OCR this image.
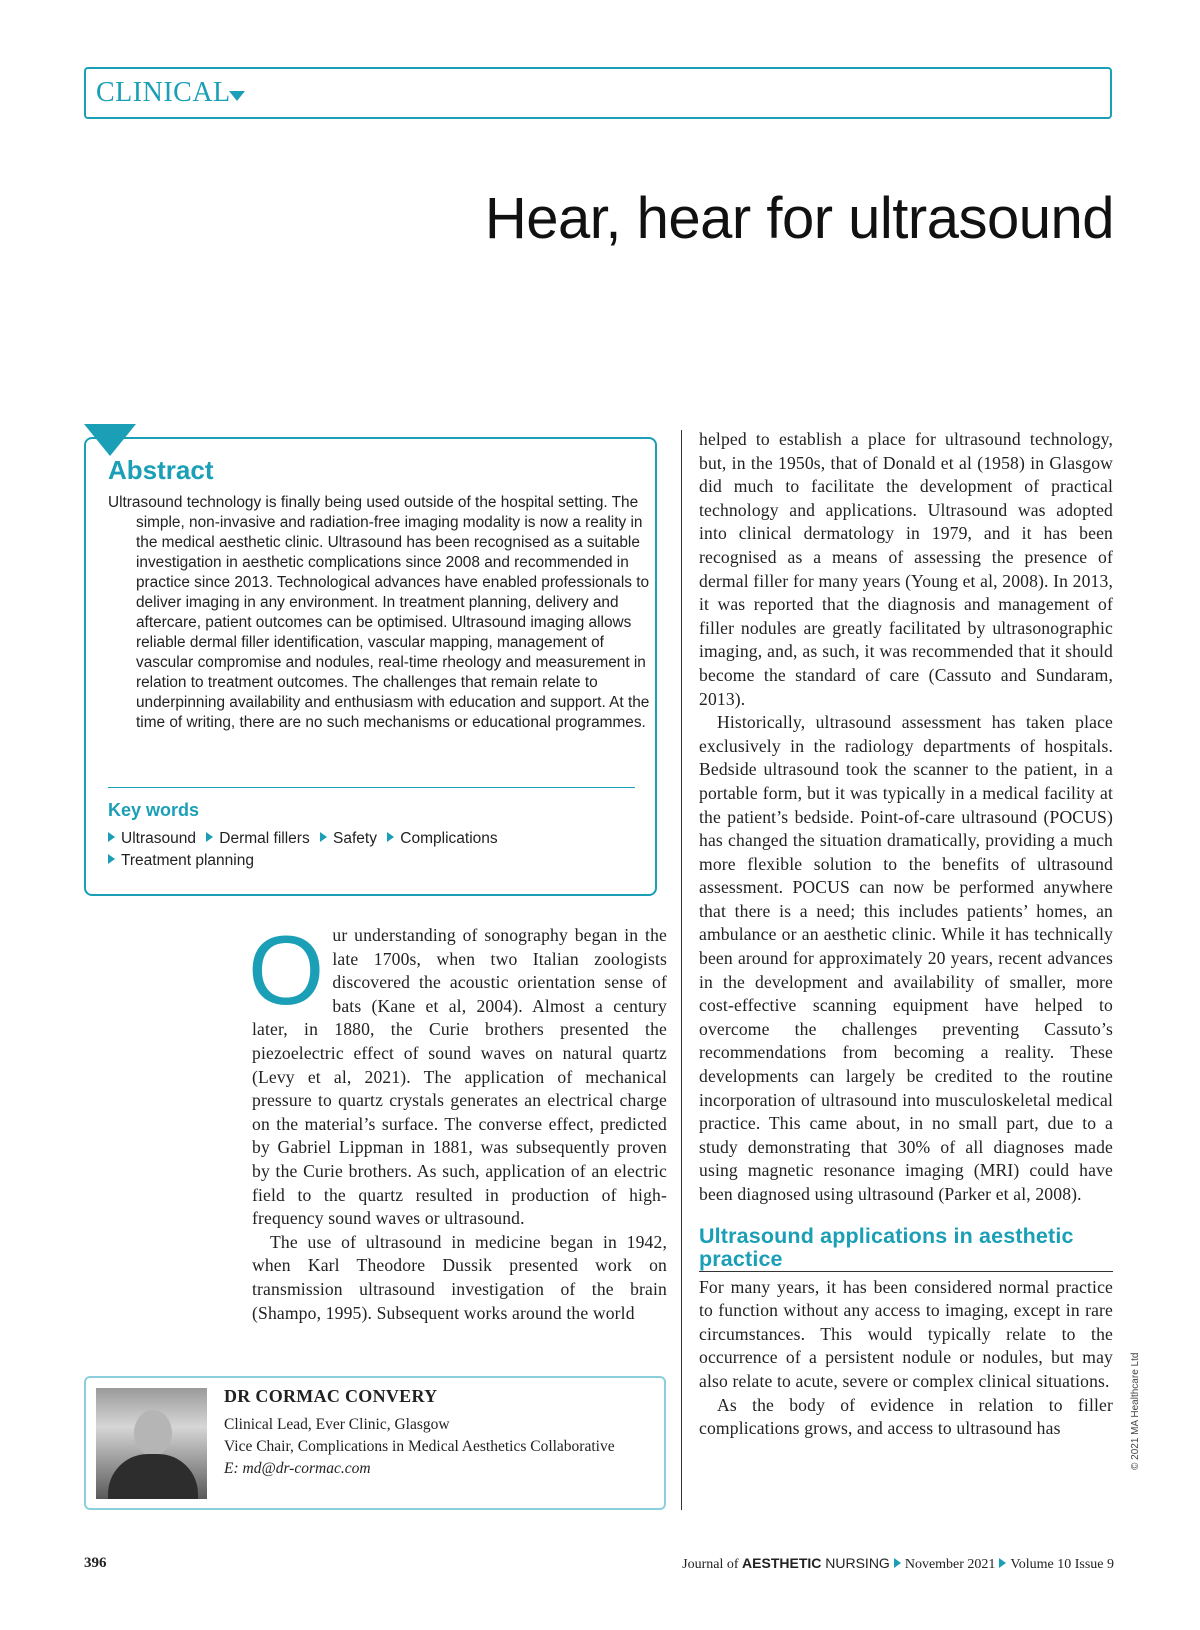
CLINICAL
Hear, hear for ultrasound
Abstract

Ultrasound technology is finally being used outside of the hospital setting. The simple, non-invasive and radiation-free imaging modality is now a reality in the medical aesthetic clinic. Ultrasound has been recognised as a suitable investigation in aesthetic complications since 2008 and recommended in practice since 2013. Technological advances have enabled professionals to deliver imaging in any environment. In treatment planning, delivery and aftercare, patient outcomes can be optimised. Ultrasound imaging allows reliable dermal filler identification, vascular mapping, management of vascular compromise and nodules, real-time rheology and measurement in relation to treatment outcomes. The challenges that remain relate to underpinning availability and enthusiasm with education and support. At the time of writing, there are no such mechanisms or educational programmes.

Key words
Ultrasound Dermal fillers Safety Complications
Treatment planning
O ur understanding of sonography began in the late 1700s, when two Italian zoologists discovered the acoustic orientation sense of bats (Kane et al, 2004). Almost a century later, in 1880, the Curie brothers presented the piezoelectric effect of sound waves on natural quartz (Levy et al, 2021). The application of mechanical pressure to quartz crystals generates an electrical charge on the material’s surface. The converse effect, predicted by Gabriel Lippman in 1881, was subsequently proven by the Curie brothers. As such, application of an electric field to the quartz resulted in production of high-frequency sound waves or ultrasound.

The use of ultrasound in medicine began in 1942, when Karl Theodore Dussik presented work on transmission ultrasound investigation of the brain (Shampo, 1995). Subsequent works around the world

helped to establish a place for ultrasound technology, but, in the 1950s, that of Donald et al (1958) in Glasgow did much to facilitate the development of practical technology and applications. Ultrasound was adopted into clinical dermatology in 1979, and it has been recognised as a means of assessing the presence of dermal filler for many years (Young et al, 2008). In 2013, it was reported that the diagnosis and management of filler nodules are greatly facilitated by ultrasonographic imaging, and, as such, it was recommended that it should become the standard of care (Cassuto and Sundaram, 2013).

Historically, ultrasound assessment has taken place exclusively in the radiology departments of hospitals. Bedside ultrasound took the scanner to the patient, in a portable form, but it was typically in a medical facility at the patient’s bedside. Point-of-care ultrasound (POCUS) has changed the situation dramatically, providing a much more flexible solution to the benefits of ultrasound assessment. POCUS can now be performed anywhere that there is a need; this includes patients’ homes, an ambulance or an aesthetic clinic. While it has technically been around for approximately 20 years, recent advances in the development and availability of smaller, more cost-effective scanning equipment have helped to overcome the challenges preventing Cassuto’s recommendations from becoming a reality. These developments can largely be credited to the routine incorporation of ultrasound into musculoskeletal medical practice. This came about, in no small part, due to a study demonstrating that 30% of all diagnoses made using magnetic resonance imaging (MRI) could have been diagnosed using ultrasound (Parker et al, 2008).

Ultrasound applications in aesthetic practice

For many years, it has been considered normal practice to function without any access to imaging, except in rare circumstances. This would typically relate to the occurrence of a persistent nodule or nodules, but may also relate to acute, severe or complex clinical situations.

As the body of evidence in relation to filler complications grows, and access to ultrasound has

DR CORMAC CONVERY
Clinical Lead, Ever Clinic, Glasgow
Vice Chair, Complications in Medical Aesthetics Collaborative
E: md@dr-cormac.com	© 2021 MA Healthcare Ltd
396	Journal of AESTHETIC NURSING November 2021 Volume 10 Issue 9
